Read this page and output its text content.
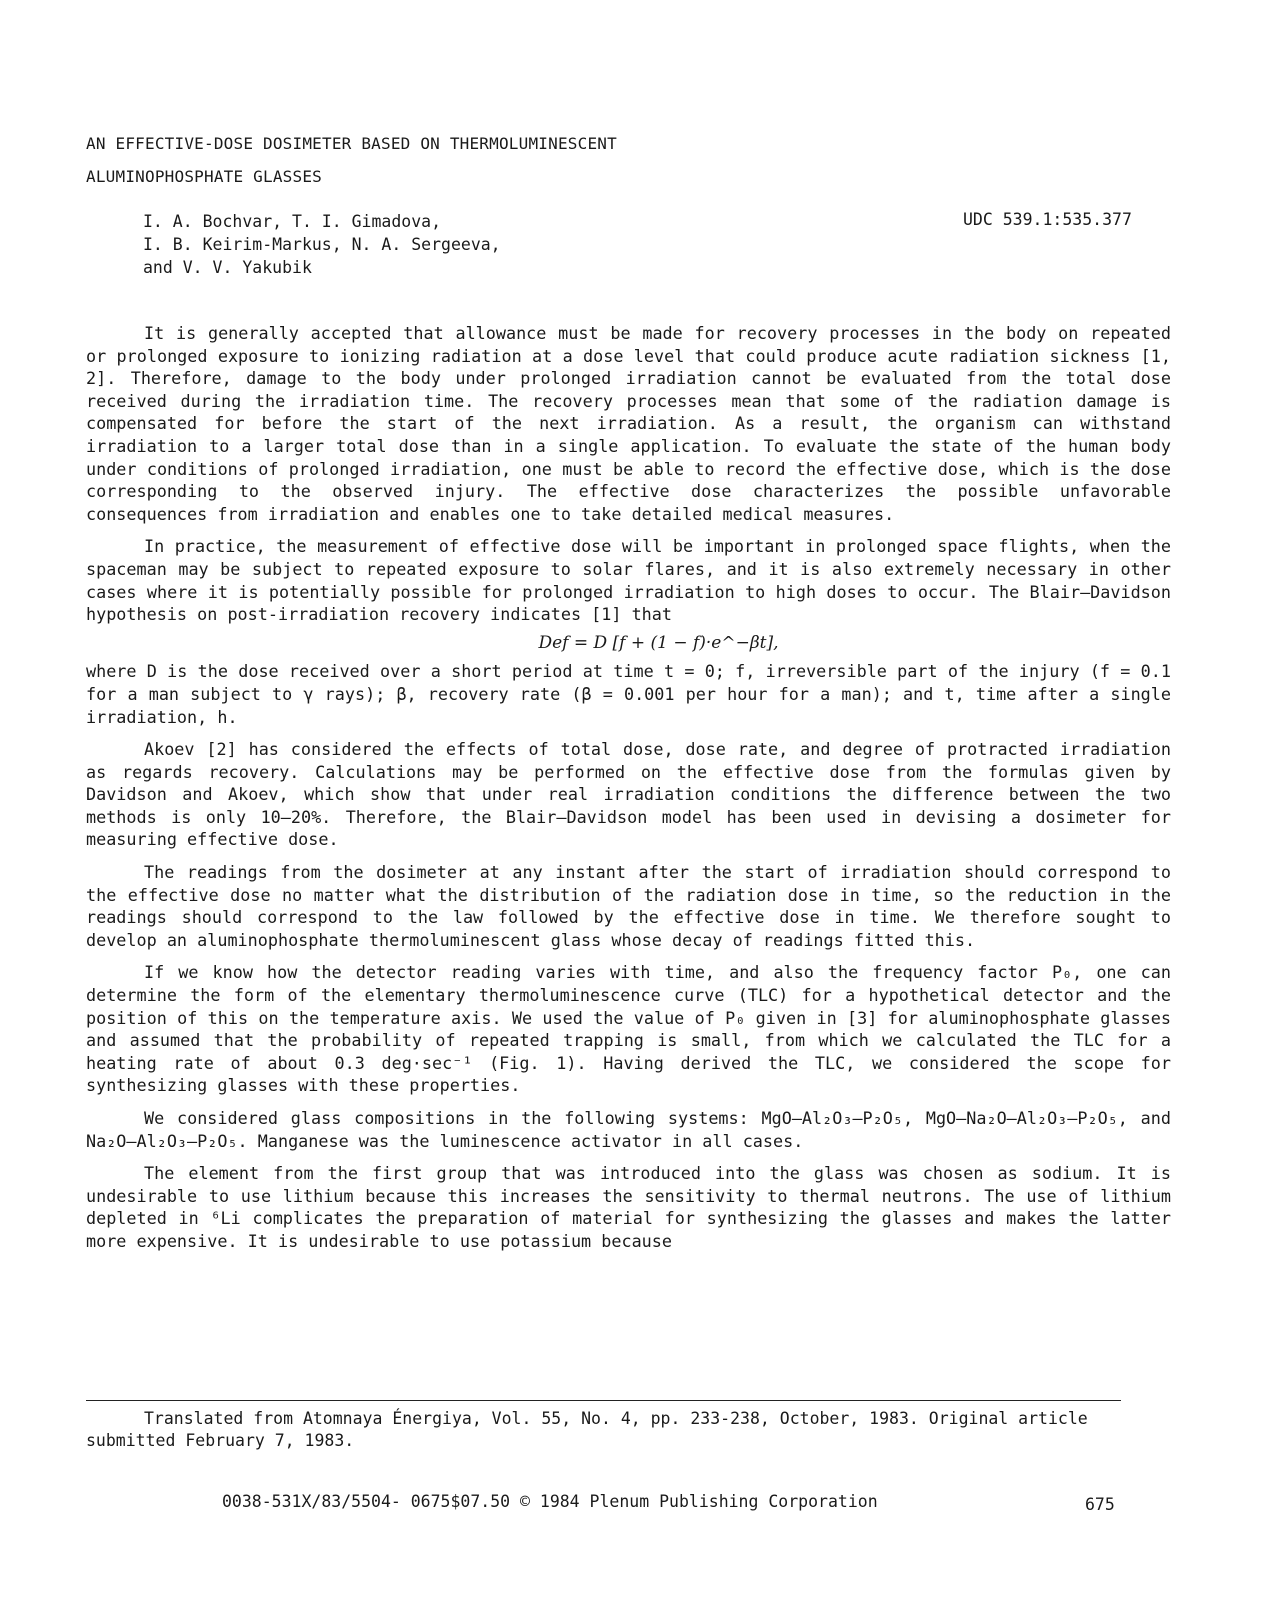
AN EFFECTIVE-DOSE DOSIMETER BASED ON THERMOLUMINESCENT
ALUMINOPHOSPHATE GLASSES
I. A. Bochvar, T. I. Gimadova,
I. B. Keirim-Markus, N. A. Sergeeva,
and V. V. Yakubik
UDC 539.1:535.377

It is generally accepted that allowance must be made for recovery processes in the body on repeated or prolonged exposure to ionizing radiation at a dose level that could produce acute radiation sickness [1, 2]. Therefore, damage to the body under prolonged irradiation cannot be evaluated from the total dose received during the irradiation time. The recovery processes mean that some of the radiation damage is compensated for before the start of the next irradiation. As a result, the organism can withstand irradiation to a larger total dose than in a single application. To evaluate the state of the human body under conditions of prolonged irradiation, one must be able to record the effective dose, which is the dose corresponding to the observed injury. The effective dose characterizes the possible unfavorable consequences from irradiation and enables one to take detailed medical measures.

In practice, the measurement of effective dose will be important in prolonged space flights, when the spaceman may be subject to repeated exposure to solar flares, and it is also extremely necessary in other cases where it is potentially possible for prolonged irradiation to high doses to occur. The Blair–Davidson hypothesis on post-irradiation recovery indicates [1] that

Def = D [f + (1 − f)·e^−βt],

where D is the dose received over a short period at time t = 0; f, irreversible part of the injury (f = 0.1 for a man subject to γ rays); β, recovery rate (β = 0.001 per hour for a man); and t, time after a single irradiation, h.

Akoev [2] has considered the effects of total dose, dose rate, and degree of protracted irradiation as regards recovery. Calculations may be performed on the effective dose from the formulas given by Davidson and Akoev, which show that under real irradiation conditions the difference between the two methods is only 10–20%. Therefore, the Blair–Davidson model has been used in devising a dosimeter for measuring effective dose.

The readings from the dosimeter at any instant after the start of irradiation should correspond to the effective dose no matter what the distribution of the radiation dose in time, so the reduction in the readings should correspond to the law followed by the effective dose in time. We therefore sought to develop an aluminophosphate thermoluminescent glass whose decay of readings fitted this.

If we know how the detector reading varies with time, and also the frequency factor P₀, one can determine the form of the elementary thermoluminescence curve (TLC) for a hypothetical detector and the position of this on the temperature axis. We used the value of P₀ given in [3] for aluminophosphate glasses and assumed that the probability of repeated trapping is small, from which we calculated the TLC for a heating rate of about 0.3 deg·sec⁻¹ (Fig. 1). Having derived the TLC, we considered the scope for synthesizing glasses with these properties.

We considered glass compositions in the following systems: MgO–Al₂O₃–P₂O₅, MgO–Na₂O–Al₂O₃–P₂O₅, and Na₂O–Al₂O₃–P₂O₅. Manganese was the luminescence activator in all cases.

The element from the first group that was introduced into the glass was chosen as sodium. It is undesirable to use lithium because this increases the sensitivity to thermal neutrons. The use of lithium depleted in ⁶Li complicates the preparation of material for synthesizing the glasses and makes the latter more expensive. It is undesirable to use potassium because

Translated from Atomnaya Énergiya, Vol. 55, No. 4, pp. 233-238, October, 1983. Original article submitted February 7, 1983.
0038-531X/83/5504- 0675$07.50 © 1984 Plenum Publishing Corporation	675
